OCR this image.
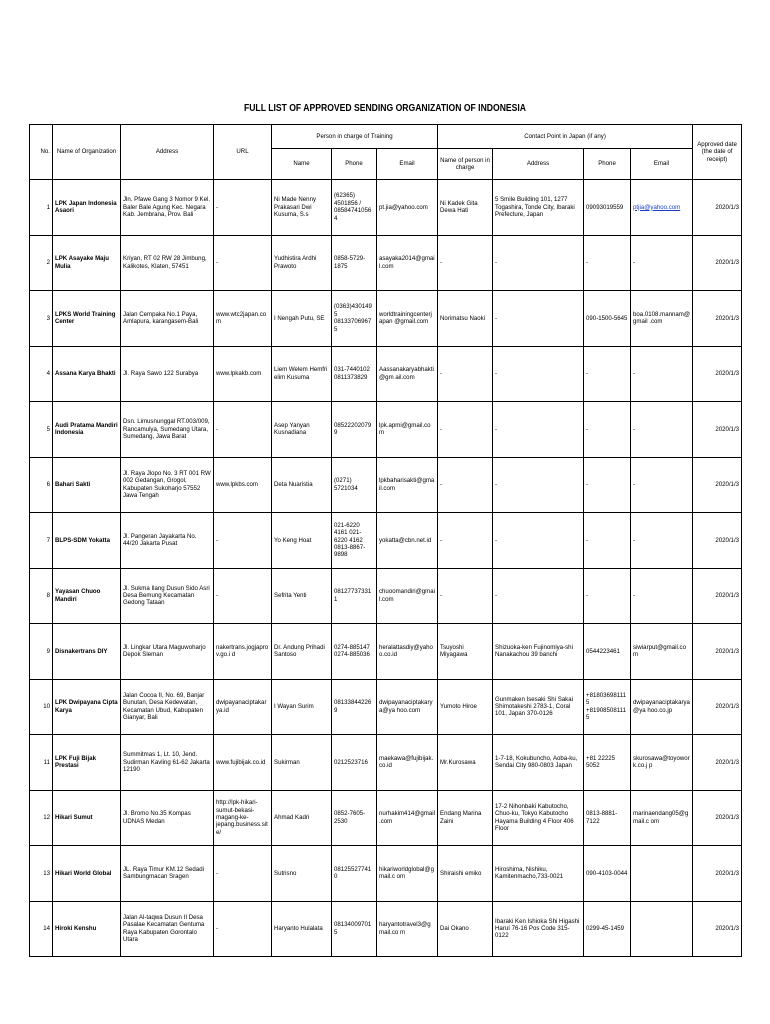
FULL LIST OF APPROVED SENDING ORGANIZATION OF INDONESIA
No.	Name of Organization	Address	URL	Person in charge of Training			Contact Point in Japan (if any)				Approved date (the date of receipt)
				Name	Phone	Email	Name of person in charge	Address	Phone	Email	
1	LPK Japan Indonesia Asaori	Jln. Pfawe Gang 3 Nomor 9 Kel. Baler Bale Agung Kec. Negara Kab. Jembrana, Prov. Bali	-	Ni Made Nenny Prakasari Dwi Kusuma, S.s	(62365) 4501856 / 085847410564	pt.jia@yahoo.com	Ni Kadek Gita Dewa Hati	5 Smile Building 101, 1277 Togashira, Tonde City, Ibaraki Prefecture, Japan	09093019559	ptjia@yahoo.com	2020/1/3
2	LPK Asayake Maju Mulia	Kriyan, RT 02 RW 28 Jimbung, Kalikotes, Klaten, 57451	-	Yudhistira Ardhi Prawoto	0858-5729-1875	asayaka2014@gmail.com	-	-	-	-	2020/1/3
3	LPKS World Training Center	Jalan Cempaka No.1 Paya, Amlapura, karangasem-Bali	www.wtc2japan.com	I Nengah Putu, SE	(0363)4301495 081337069675	worldtrainingcenterjapan @gmail.com	Norimatsu Naoki	-	090-1500-5645	boa.0108.mannam@gmail .com	2020/1/3
4	Assana Karya Bhakti	Jl. Raya Sawo 122 Surabya	www.lpkakb.com	Liem Welem Hemfri elim Kusuma	031-7440102 0811373829	Aassanakaryabhakti@gm ail.com	-	-	-	-	2020/1/3
5	Audi Pratama Mandiri Indonesia	Dsn. Limusnunggal RT.003/009, Rancamulya, Sumedang Utara, Sumedang, Jawa Barat	-	Asep Yanyan Kusnadiana	085222020799	lpk.apmi@gmail.com	-	-	-	-	2020/1/3
6	Bahari Sakti	Jl. Raya Jlopo No. 3 RT 001 RW 002 Gedangan, Grogol, Kabupaten Sukoharjo 57552 Jawa Tengah	www.lpkbs.com	Deta Nuaristia	(0271) 5721034	lpkbaharisakti@gmail.com	-	-	-	-	2020/1/3
7	BLPS-SDM Yokatta	Jl. Pangeran Jayakarta No. 44/20 Jakarta Pusat	-	Yo Keng Hoat	021-6220 4161 021-6220 4162 0813-8867-9898	yokatta@cbn.net.id	-	-	-	-	2020/1/3
8	Yayasan Chuoo Mandiri	Jl. Sukma Ilang Dusun Sido Asri Desa Bemung Kecamatan Gedong Tataan	-	Sefrita Yenti	081277373311	chuoomandiri@gmail.com	-	-	-	-	2020/1/3
9	Disnakertrans DIY	Jl. Lingkar Utara Maguwoharjo Depok Sleman	nakertrans.jogjaprov.go.i d	Dr. Andung Prihadi Santoso	0274-885147 0274-885036	heralattasdiy@yahoo.co.id	Tsuyoshi Miyagawa	Shizuoka-ken Fujinomiya-shi Nanakachou 39 banchi	0544223461	siwiarput@gmail.com	2020/1/3
10	LPK Dwipayana Cipta Karya	Jalan Cocoa II, No. 69, Banjar Bunutan, Desa Kedewatan, Kecamatan Ubud, Kabupaten Gianyar, Bali	dwipayanaciptakarya.id	I Wayan Surim	081338442269	dwipayanaciptakarya@ya hoo.com	Yumoto Hiroe	Gunmaken Isesaki Shi Sakai Shimotakeshi 2783-1, Coral 101, Japan 370-0126	+818036981115 +819085081115	dwipayanaciptakarya@ya hoo.co.jp	2020/1/3
11	LPK Fuji Bijak Prestasi	Summitmas 1, Lt. 10, Jend. Sudirman Kavling 61-62 Jakarta 12190	www.fujibijak.co.id	Sukirman	0212523716	maekawa@fujibijak.co.id	Mr.Kurosawa	1-7-18, Kokubuncho, Aoba-ku, Sendai City 980-0803 Japan	+81 22225 5052	skurosawa@toyowork.co.j p	2020/1/3
12	Hikari Sumut	Jl. Bromo No.35 Kompas UDNAS Medan	http://lpk-hikari-sumut-bekasi-magang-ke-jepang.business.site/	Ahmad Kadri	0852-7605-2530	nurhakim414@gmail.com	Endang Marina Zaini	17-2 Nihonbaki Kabutocho, Chuo-ku, Tokyo Kabutocho Hayama Building 4 Floor 406 Floor	0813-8881-7122	marinaendang05@gmail.c om	2020/1/3
13	Hikari World Global	JL. Raya Timur KM.12 Sedadi Sambungmacan Sragen	-	Sutrisno	081255277410	hikariworldglobal@gmail.c om	Shiraishi emiko	Hiroshima, Nishiku, Kamitenmacho,733-0021	090-4103-0044		2020/1/3
14	Hiroki Kenshu	Jalan Al-taqwa Dusun II Desa Pasalae Kecamatan Gentuma Raya Kabupaten Gorontalo Utara	-	Haryanto Hulalata	081340097015	haryantotravel3@gmail.co m	Dai Okano	Ibaraki Ken Ishioka Shi Higashi Haruí 76-16 Pos Code 315-0122	0299-45-1459		2020/1/3
